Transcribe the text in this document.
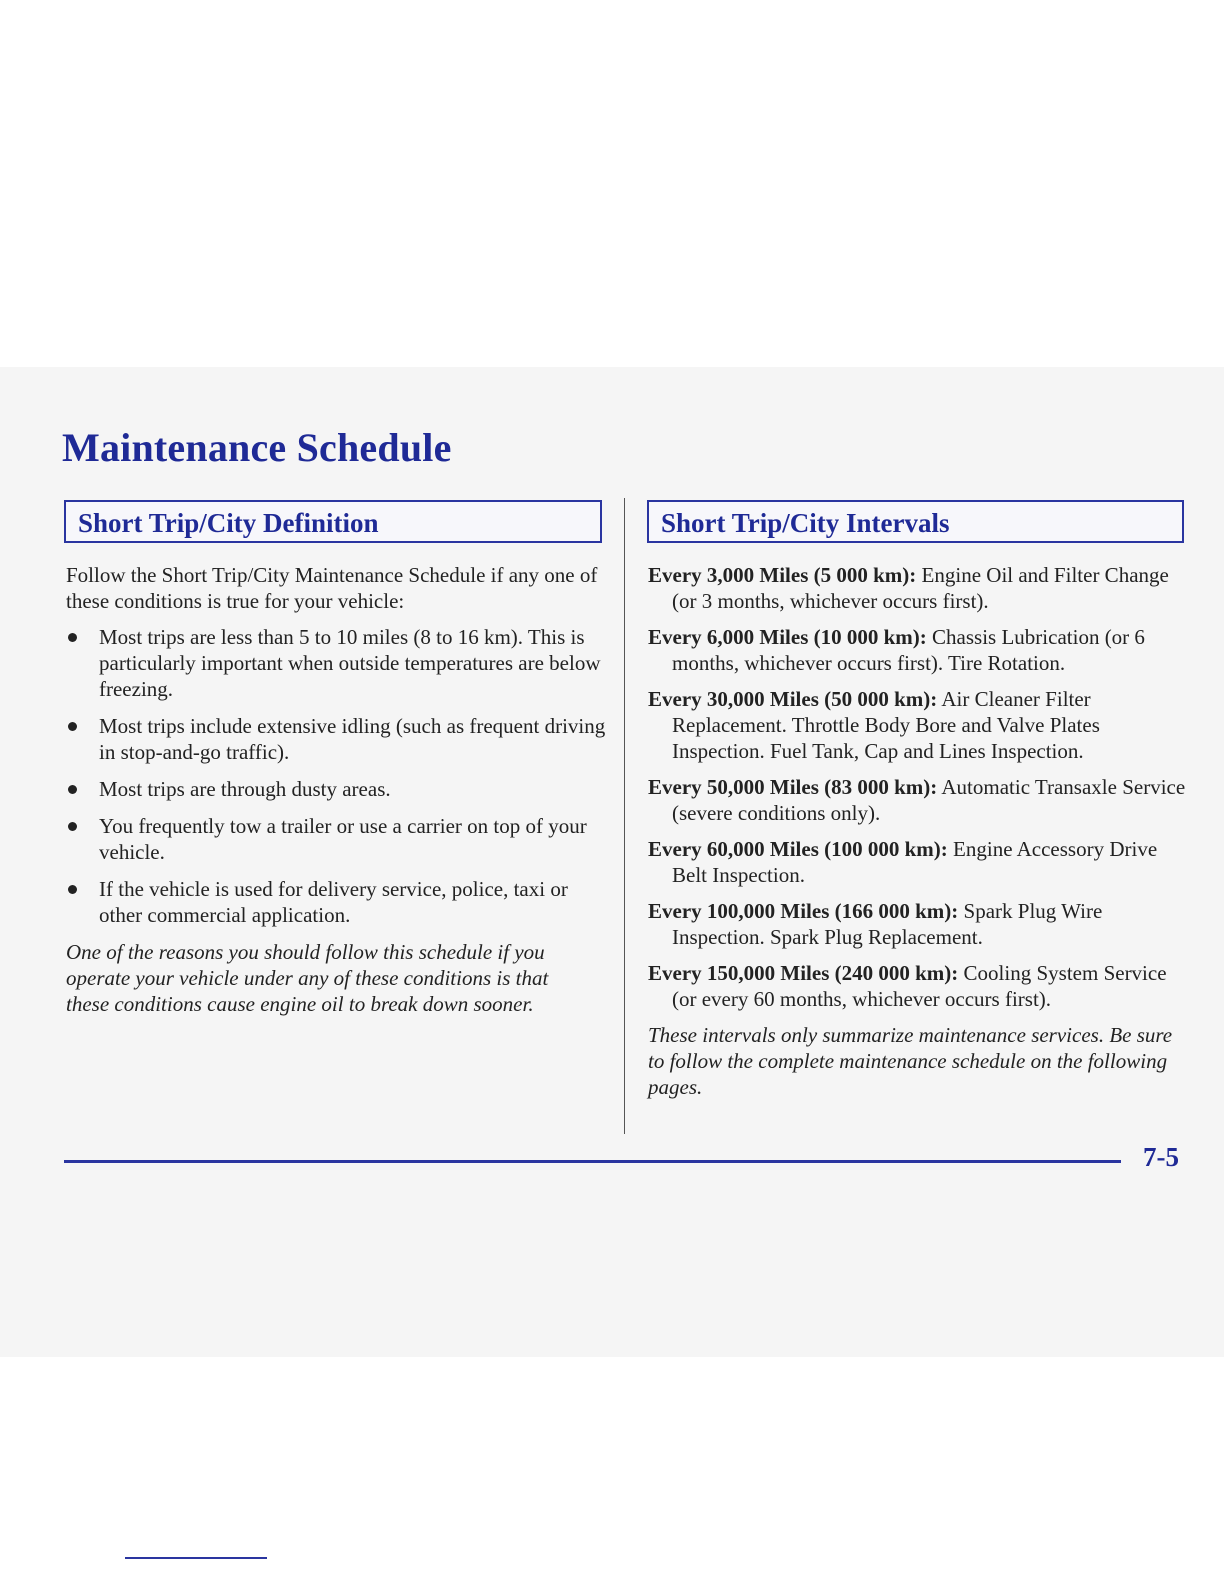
Maintenance Schedule
Short Trip/City Definition	Short Trip/City Intervals

Follow the Short Trip/City Maintenance Schedule if any one of these conditions is true for your vehicle:

Most trips are less than 5 to 10 miles (8 to 16 km). This is particularly important when outside temperatures are below freezing.
Most trips include extensive idling (such as frequent driving in stop-and-go traffic).
Most trips are through dusty areas.
You frequently tow a trailer or use a carrier on top of your vehicle.
If the vehicle is used for delivery service, police, taxi or other commercial application.

One of the reasons you should follow this schedule if you operate your vehicle under any of these conditions is that these conditions cause engine oil to break down sooner.

Every 3,000 Miles (5 000 km): Engine Oil and Filter Change (or 3 months, whichever occurs first).

Every 6,000 Miles (10 000 km): Chassis Lubrication (or 6 months, whichever occurs first). Tire Rotation.

Every 30,000 Miles (50 000 km): Air Cleaner Filter Replacement. Throttle Body Bore and Valve Plates Inspection. Fuel Tank, Cap and Lines Inspection.

Every 50,000 Miles (83 000 km): Automatic Transaxle Service (severe conditions only).

Every 60,000 Miles (100 000 km): Engine Accessory Drive Belt Inspection.

Every 100,000 Miles (166 000 km): Spark Plug Wire Inspection. Spark Plug Replacement.

Every 150,000 Miles (240 000 km): Cooling System Service (or every 60 months, whichever occurs first).

These intervals only summarize maintenance services. Be sure to follow the complete maintenance schedule on the following pages.

7-5
